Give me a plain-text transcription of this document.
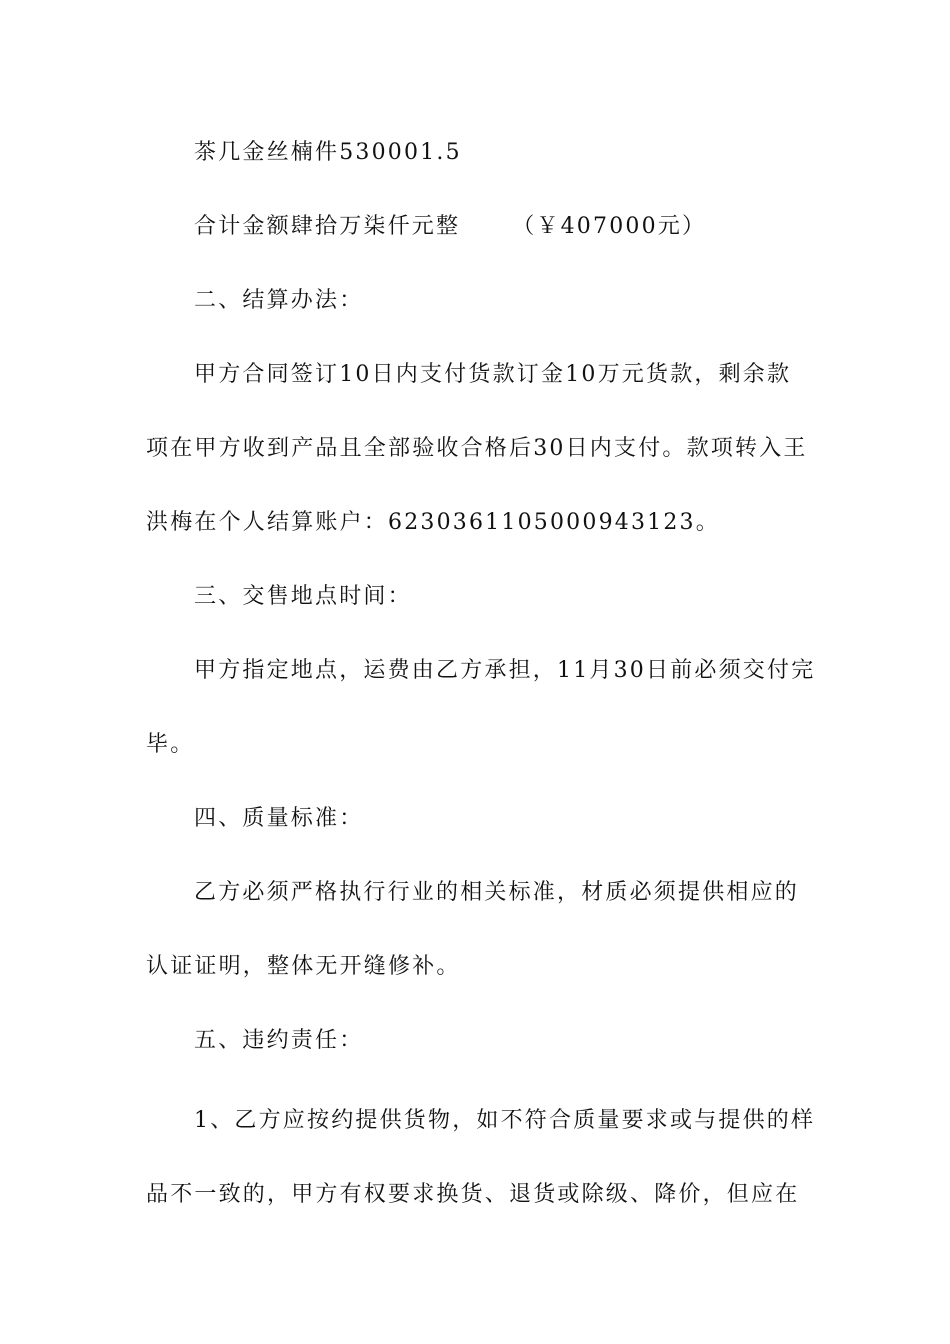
茶几金丝楠件530001.5
合计金额肆拾万柒仟元整 （￥407000元）
二、结算办法：
甲方合同签订10日内支付货款订金10万元货款，剩余款
项在甲方收到产品且全部验收合格后30日内支付。款项转入王
洪梅在个人结算账户：6230361105000943123。
三、交售地点时间：
甲方指定地点，运费由乙方承担，11月30日前必须交付完
毕。
四、质量标准：
乙方必须严格执行行业的相关标准，材质必须提供相应的
认证证明，整体无开缝修补。
五、违约责任：
1、乙方应按约提供货物，如不符合质量要求或与提供的样
品不一致的，甲方有权要求换货、退货或除级、降价，但应在
